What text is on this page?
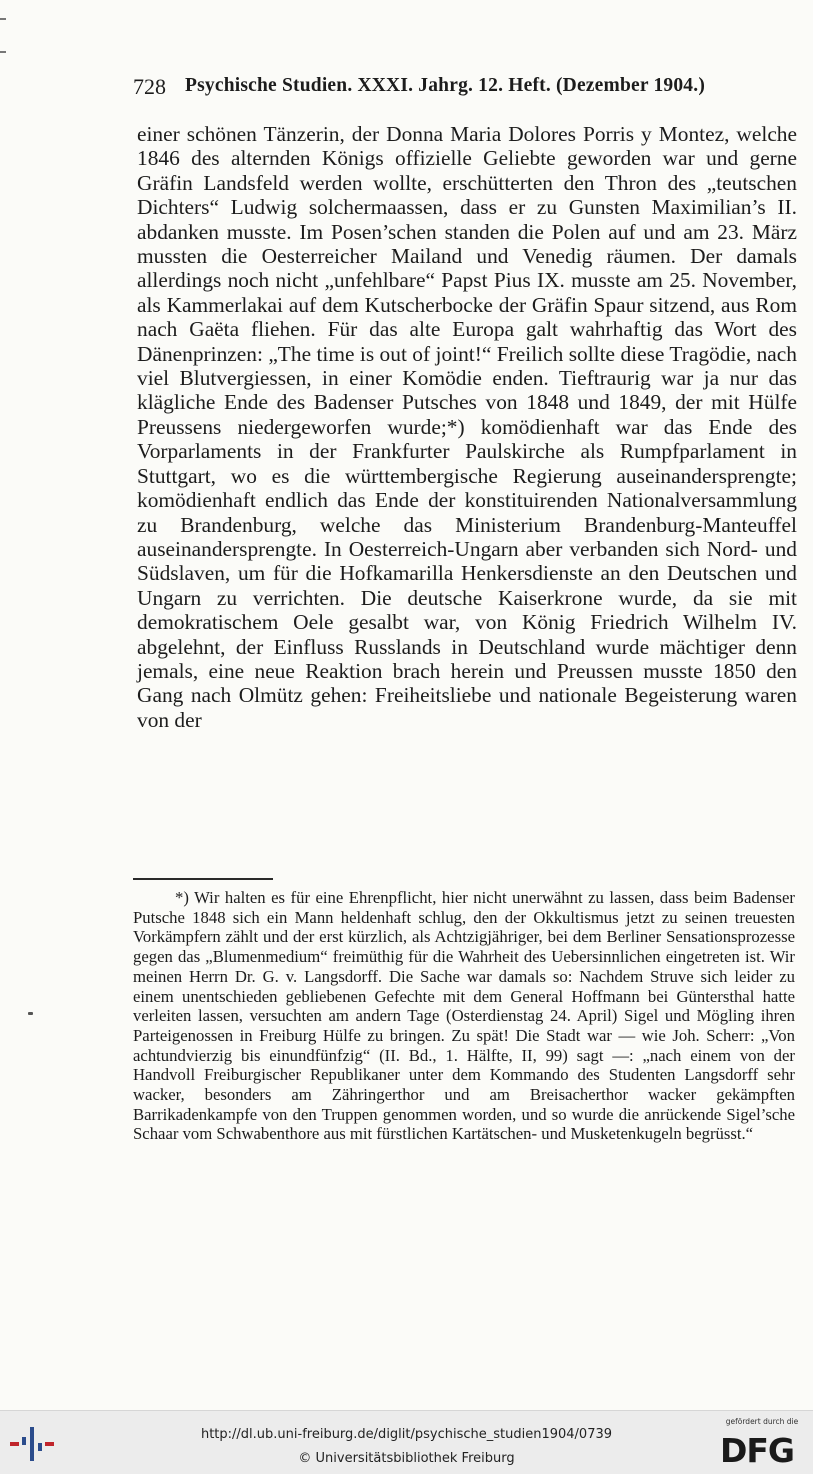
728 Psychische Studien. XXXI. Jahrg. 12. Heft. (Dezember 1904.)

einer schönen Tänzerin, der Donna Maria Dolores Porris y Montez, welche 1846 des alternden Königs offizielle Geliebte geworden war und gerne Gräfin Landsfeld werden wollte, erschütterten den Thron des „teutschen Dichters“ Ludwig solchermaassen, dass er zu Gunsten Maximilian’s II. abdanken musste. Im Posen’schen standen die Polen auf und am 23. März mussten die Oesterreicher Mailand und Venedig räumen. Der damals allerdings noch nicht „unfehlbare“ Papst Pius IX. musste am 25. November, als Kammerlakai auf dem Kutscherbocke der Gräfin Spaur sitzend, aus Rom nach Gaëta fliehen. Für das alte Europa galt wahrhaftig das Wort des Dänenprinzen: „The time is out of joint!“ Freilich sollte diese Tragödie, nach viel Blutvergiessen, in einer Komödie enden. Tieftraurig war ja nur das klägliche Ende des Badenser Putsches von 1848 und 1849, der mit Hülfe Preussens niedergeworfen wurde;*) komödienhaft war das Ende des Vorparlaments in der Frankfurter Paulskirche als Rumpfparlament in Stuttgart, wo es die württembergische Regierung auseinandersprengte; komödienhaft endlich das Ende der konstituirenden Nationalversammlung zu Brandenburg, welche das Ministerium Brandenburg-Manteuffel auseinandersprengte. In Oesterreich-Ungarn aber verbanden sich Nord- und Südslaven, um für die Hofkamarilla Henkersdienste an den Deutschen und Ungarn zu verrichten. Die deutsche Kaiserkrone wurde, da sie mit demokratischem Oele gesalbt war, von König Friedrich Wilhelm IV. abgelehnt, der Einfluss Russlands in Deutschland wurde mächtiger denn jemals, eine neue Reaktion brach herein und Preussen musste 1850 den Gang nach Olmütz gehen: Freiheitsliebe und nationale Begeisterung waren von der

*) Wir halten es für eine Ehrenpflicht, hier nicht unerwähnt zu lassen, dass beim Badenser Putsche 1848 sich ein Mann heldenhaft schlug, den der Okkultismus jetzt zu seinen treuesten Vorkämpfern zählt und der erst kürzlich, als Achtzigjähriger, bei dem Berliner Sensationsprozesse gegen das „Blumenmedium“ freimüthig für die Wahrheit des Uebersinnlichen eingetreten ist. Wir meinen Herrn Dr. G. v. Langsdorff. Die Sache war damals so: Nachdem Struve sich leider zu einem unentschieden gebliebenen Gefechte mit dem General Hoffmann bei Güntersthal hatte verleiten lassen, versuchten am andern Tage (Osterdienstag 24. April) Sigel und Mögling ihren Parteigenossen in Freiburg Hülfe zu bringen. Zu spät! Die Stadt war — wie Joh. Scherr: „Von achtundvierzig bis einundfünfzig“ (II. Bd., 1. Hälfte, II, 99) sagt —: „nach einem von der Handvoll Freiburgischer Republikaner unter dem Kommando des Studenten Langsdorff sehr wacker, besonders am Zähringerthor und am Breisacherthor wacker gekämpften Barrikadenkampfe von den Truppen genommen worden, und so wurde die anrückende Sigel’sche Schaar vom Schwabenthore aus mit fürstlichen Kartätschen- und Musketenkugeln begrüsst.“

http://dl.ub.uni-freiburg.de/diglit/psychische_studien1904/0739
© Universitätsbibliothek Freiburg
gefördert durch die
DFG
